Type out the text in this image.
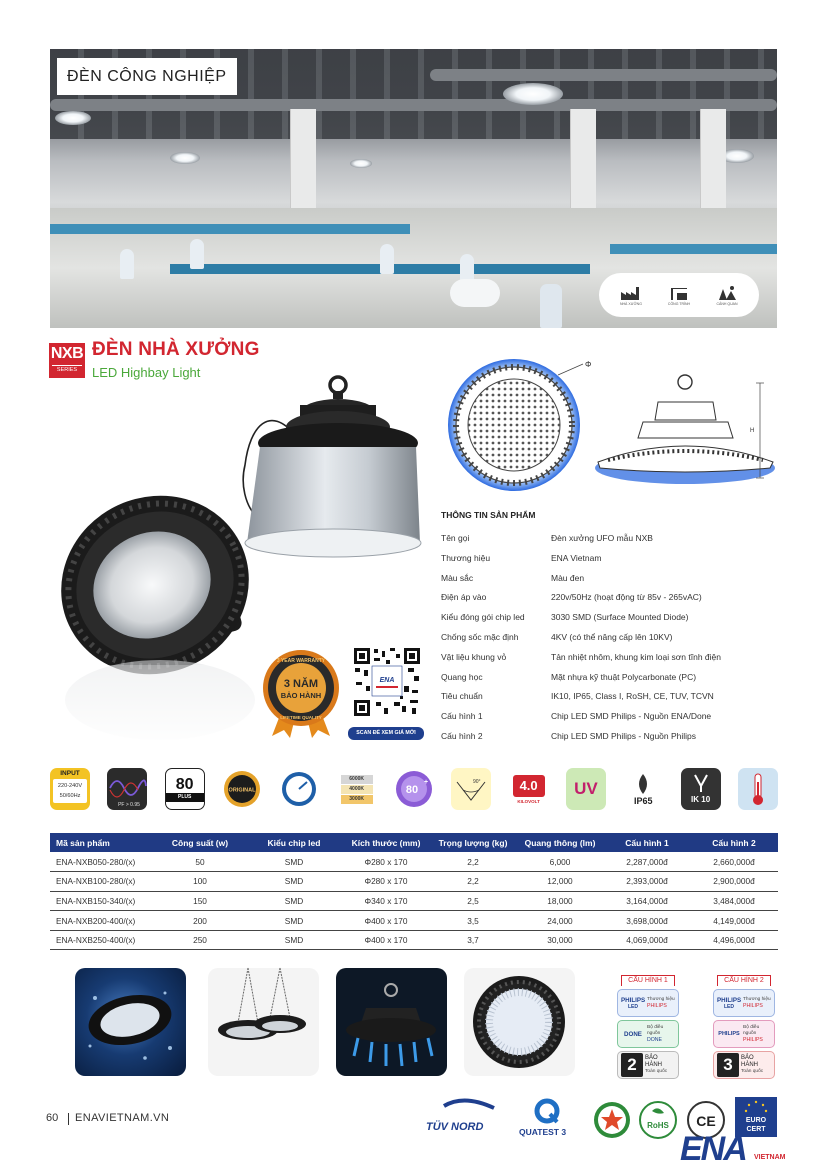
ĐÈN CÔNG NGHIỆP
NHÀ XƯỞNG	CÔNG TRÌNH	CẢNH QUAN
NXB
SERIES
ĐÈN NHÀ XƯỞNG
LED Highbay Light
Φ
H
THÔNG TIN SẢN PHẨM
Tên gọi	Đèn xưởng UFO mẫu NXB
Thương hiệu	ENA Vietnam
Màu sắc	Màu đen
Điện áp vào	220v/50Hz (hoạt động từ 85v - 265vAC)
Kiểu đóng gói chip led	3030 SMD (Surface Mounted Diode)
Chống sốc mặc định	4KV (có thể nâng cấp lên 10KV)
Vật liệu khung vỏ	Tản nhiệt nhôm, khung kim loại sơn tĩnh điện
Quang học	Mặt nhựa kỹ thuật Polycarbonate (PC)
Tiêu chuẩn	IK10, IP65, Class I, RoSH, CE, TUV, TCVN
Cấu hình 1	Chip LED SMD Philips - Nguồn ENA/Done
Cấu hình 2	Chip LED SMD Philips - Nguồn Philips
3 YEAR WARRANTY
3 NĂM
BẢO HÀNH
LIFETIME QUALITY
ENA
SCAN ĐỂ XEM GIÁ MỚI
INPUT
220-240V
50/60Hz
PF > 0.95
80
PLUS
ORIGINAL
6000K
4000K
3000K
80
+	90°	4.0
KILOVOLT
UV
IP65	IK 10
Mã sản phẩm	Công suất (w)	Kiểu chip led	Kích thước (mm)	Trọng lượng (kg)	Quang thông (lm)	Cấu hình 1	Cấu hình 2
ENA-NXB050-280/(x)	50	SMD	Φ280 x 170	2,2	6,000	2,287,000đ	2,660,000đ
ENA-NXB100-280/(x)	100	SMD	Φ280 x 170	2,2	12,000	2,393,000đ	2,900,000đ
ENA-NXB150-340/(x)	150	SMD	Φ340 x 170	2,5	18,000	3,164,000đ	3,484,000đ
ENA-NXB200-400/(x)	200	SMD	Φ400 x 170	3,5	24,000	3,698,000đ	4,149,000đ
ENA-NXB250-400/(x)	250	SMD	Φ400 x 170	3,7	30,000	4,069,000đ	4,496,000đ
CẤU HÌNH 1
PHILIPS
LED
Thương hiệu
PHILIPS
DONE
Bộ điều nguồn
DONE
2	BẢO HÀNH
Toàn quốc
CẤU HÌNH 2
PHILIPS
LED
Thương hiệu
PHILIPS
PHILIPS
Bộ điều nguồn
PHILIPS
3	BẢO HÀNH
Toàn quốc
60 ENAVIETNAM.VN
TÜV NORD	QUATEST 3
RoHS CE	EURO
CERT
ENA VIETNAM
